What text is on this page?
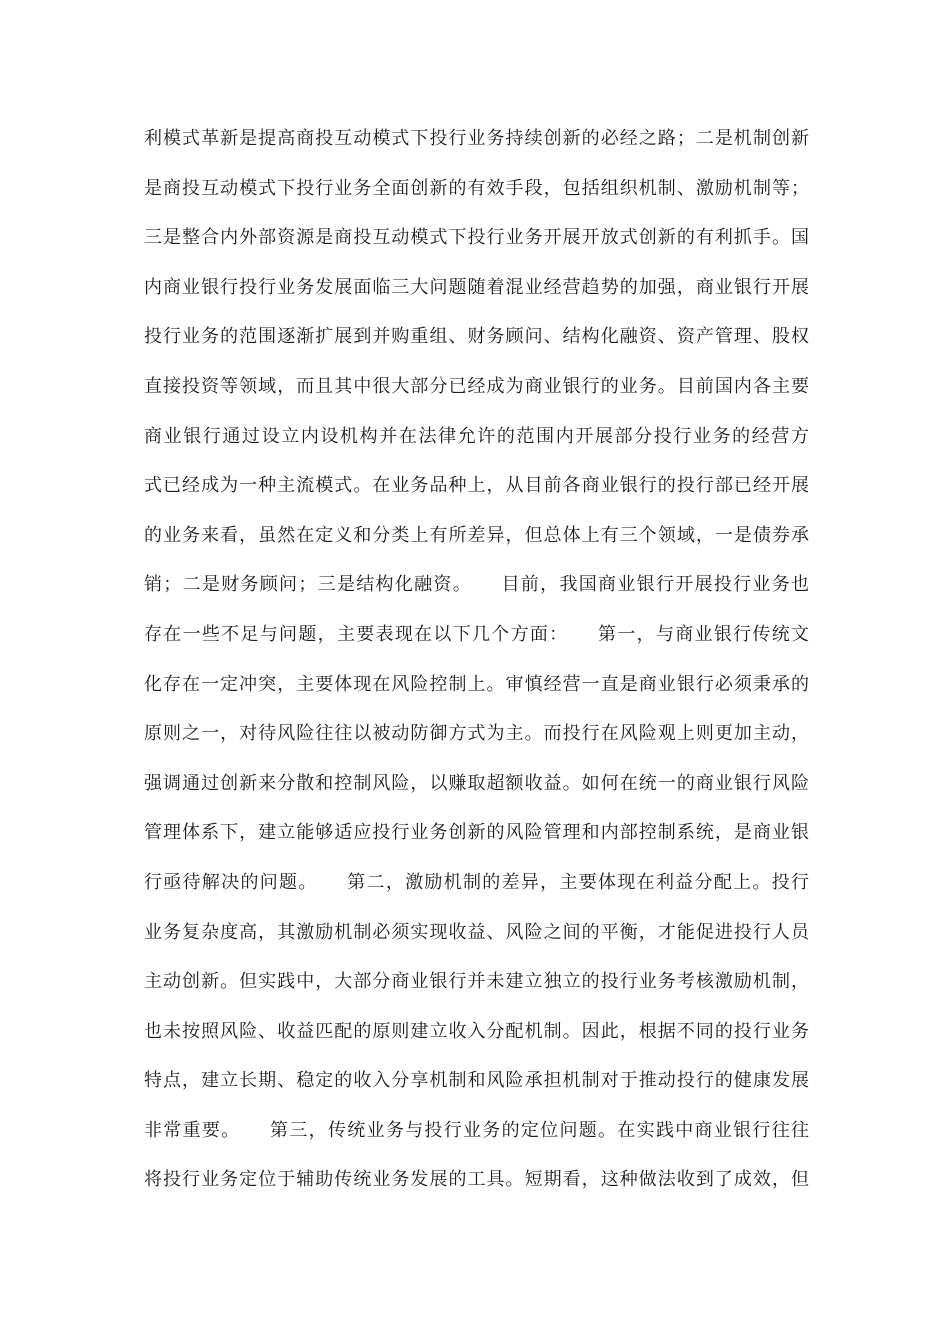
利模式革新是提高商投互动模式下投行业务持续创新的必经之路；二是机制创新
是商投互动模式下投行业务全面创新的有效手段，包括组织机制、激励机制等；
三是整合内外部资源是商投互动模式下投行业务开展开放式创新的有利抓手。国
内商业银行投行业务发展面临三大问题随着混业经营趋势的加强，商业银行开展
投行业务的范围逐渐扩展到并购重组、财务顾问、结构化融资、资产管理、股权
直接投资等领域，而且其中很大部分已经成为商业银行的业务。目前国内各主要
商业银行通过设立内设机构并在法律允许的范围内开展部分投行业务的经营方
式已经成为一种主流模式。在业务品种上，从目前各商业银行的投行部已经开展
的业务来看，虽然在定义和分类上有所差异，但总体上有三个领域，一是债券承
销；二是财务顾问；三是结构化融资。　　目前，我国商业银行开展投行业务也
存在一些不足与问题，主要表现在以下几个方面：　　第一，与商业银行传统文
化存在一定冲突，主要体现在风险控制上。审慎经营一直是商业银行必须秉承的
原则之一，对待风险往往以被动防御方式为主。而投行在风险观上则更加主动，
强调通过创新来分散和控制风险，以赚取超额收益。如何在统一的商业银行风险
管理体系下，建立能够适应投行业务创新的风险管理和内部控制系统，是商业银
行亟待解决的问题。　　第二，激励机制的差异，主要体现在利益分配上。投行
业务复杂度高，其激励机制必须实现收益、风险之间的平衡，才能促进投行人员
主动创新。但实践中，大部分商业银行并未建立独立的投行业务考核激励机制，
也未按照风险、收益匹配的原则建立收入分配机制。因此，根据不同的投行业务
特点，建立长期、稳定的收入分享机制和风险承担机制对于推动投行的健康发展
非常重要。　　第三，传统业务与投行业务的定位问题。在实践中商业银行往往
将投行业务定位于辅助传统业务发展的工具。短期看，这种做法收到了成效，但
